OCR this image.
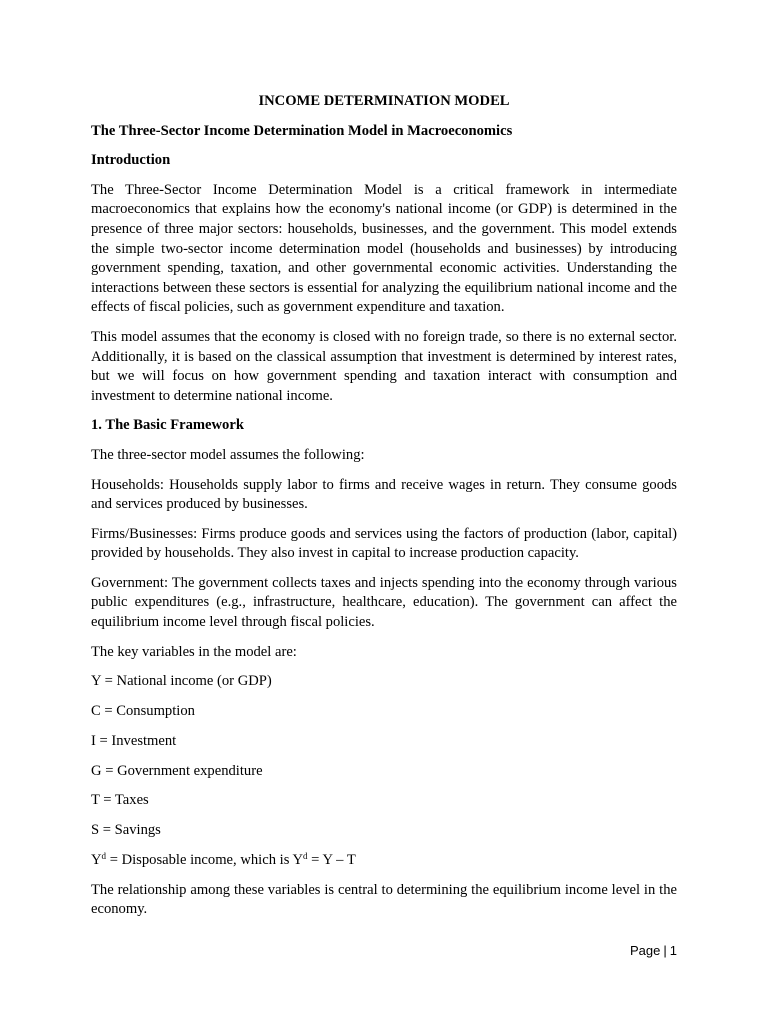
INCOME DETERMINATION MODEL
The Three-Sector Income Determination Model in Macroeconomics
Introduction

The Three-Sector Income Determination Model is a critical framework in intermediate macroeconomics that explains how the economy's national income (or GDP) is determined in the presence of three major sectors: households, businesses, and the government. This model extends the simple two-sector income determination model (households and businesses) by introducing government spending, taxation, and other governmental economic activities. Understanding the interactions between these sectors is essential for analyzing the equilibrium national income and the effects of fiscal policies, such as government expenditure and taxation.

This model assumes that the economy is closed with no foreign trade, so there is no external sector. Additionally, it is based on the classical assumption that investment is determined by interest rates, but we will focus on how government spending and taxation interact with consumption and investment to determine national income.

1. The Basic Framework

The three-sector model assumes the following:

Households: Households supply labor to firms and receive wages in return. They consume goods and services produced by businesses.

Firms/Businesses: Firms produce goods and services using the factors of production (labor, capital) provided by households. They also invest in capital to increase production capacity.

Government: The government collects taxes and injects spending into the economy through various public expenditures (e.g., infrastructure, healthcare, education). The government can affect the equilibrium income level through fiscal policies.

The key variables in the model are:

Y = National income (or GDP)
C = Consumption
I = Investment
G = Government expenditure
T = Taxes
S = Savings
$Y^d$ = Disposable income, which is $Y^d = Y - T$

The relationship among these variables is central to determining the equilibrium income level in the economy.

Page | 1
